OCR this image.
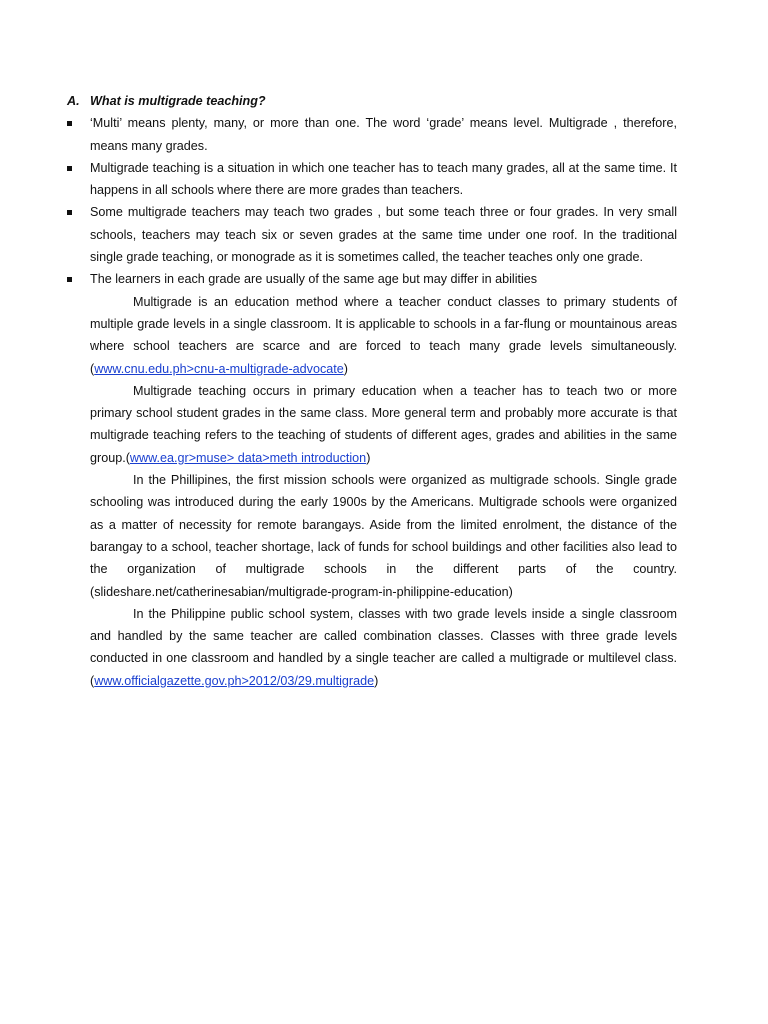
A. What is multigrade teaching?

‘Multi’ means plenty, many, or more than one. The word ‘grade’ means level. Multigrade , therefore, means many grades.
Multigrade teaching is a situation in which one teacher has to teach many grades, all at the same time. It happens in all schools where there are more grades than teachers.
Some multigrade teachers may teach two grades , but some teach three or four grades. In very small schools, teachers may teach six or seven grades at the same time under one roof. In the traditional single grade teaching, or monograde as it is sometimes called, the teacher teaches only one grade.
The learners in each grade are usually of the same age but may differ in abilities

Multigrade is an education method where a teacher conduct classes to primary students of multiple grade levels in a single classroom. It is applicable to schools in a far-flung or mountainous areas where school teachers are scarce and are forced to teach many grade levels simultaneously. (www.cnu.edu.ph>cnu-a-multigrade-advocate)

Multigrade teaching occurs in primary education when a teacher has to teach two or more primary school student grades in the same class. More general term and probably more accurate is that multigrade teaching refers to the teaching of students of different ages, grades and abilities in the same group.(www.ea.gr>muse> data>meth introduction)

In the Phillipines, the first mission schools were organized as multigrade schools. Single grade schooling was introduced during the early 1900s by the Americans. Multigrade schools were organized as a matter of necessity for remote barangays. Aside from the limited enrolment, the distance of the barangay to a school, teacher shortage, lack of funds for school buildings and other facilities also lead to the organization of multigrade schools in the different parts of the country.(slideshare.net/catherinesabian/multigrade-program-in-philippine-education)

In the Philippine public school system, classes with two grade levels inside a single classroom and handled by the same teacher are called combination classes. Classes with three grade levels conducted in one classroom and handled by a single teacher are called a multigrade or multilevel class. (www.officialgazette.gov.ph>2012/03/29.multigrade)
